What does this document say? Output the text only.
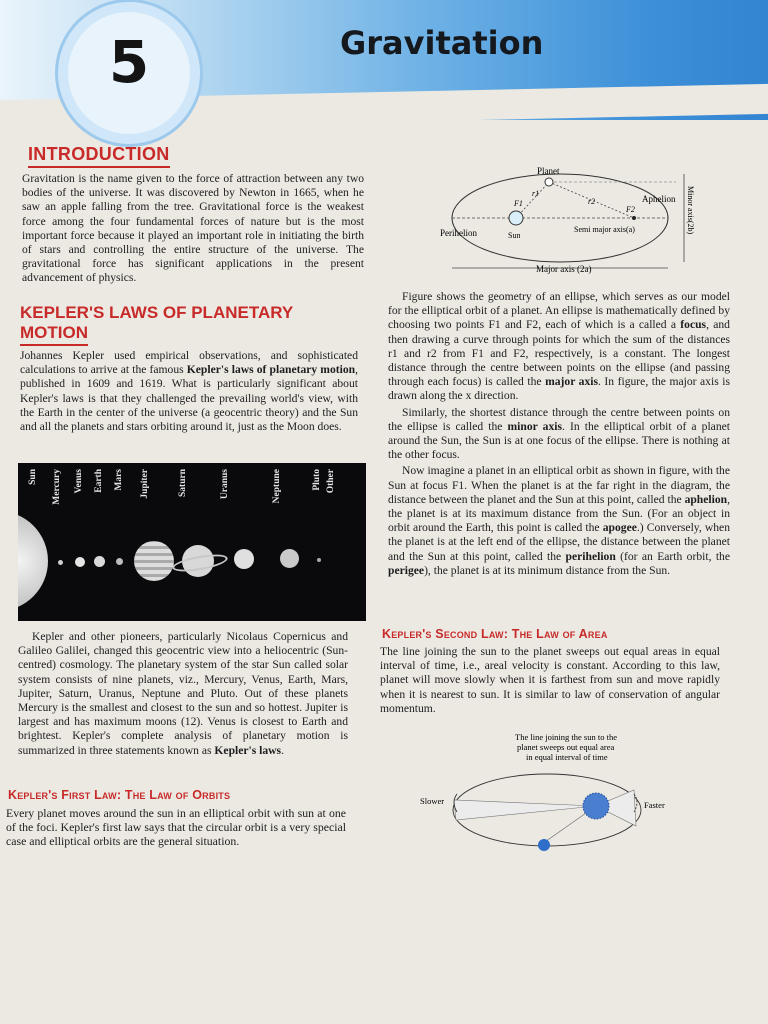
5	Gravitation
INTRODUCTION

Gravitation is the name given to the force of attraction between any two bodies of the universe. It was discovered by Newton in 1665, when he saw an apple falling from the tree. Gravitational force is the weakest force among the four fundamental forces of nature but is the most important force because it played an important role in initiating the birth of stars and controlling the entire structure of the universe. The gravitational force has significant applications in the present advancement of physics.

KEPLER'S LAWS OF PLANETARY
MOTION

Johannes Kepler used empirical observations, and sophisticated calculations to arrive at the famous Kepler's laws of planetary motion, published in 1609 and 1619. What is particularly significant about Kepler's laws is that they challenged the prevailing world's view, with the Earth in the center of the universe (a geocentric theory) and the Sun and all the planets and stars orbiting around it, just as the Moon does.

Sun Mercury Venus Earth Mars Jupiter	Saturn	Uranus	Neptune	Pluto Other

Kepler and other pioneers, particularly Nicolaus Copernicus and Galileo Galilei, changed this geocentric view into a heliocentric (Sun-centred) cosmology. The planetary system of the star Sun called solar system consists of nine planets, viz., Mercury, Venus, Earth, Mars, Jupiter, Saturn, Uranus, Neptune and Pluto. Out of these planets Mercury is the smallest and closest to the sun and so hottest. Jupiter is largest and has maximum moons (12). Venus is closest to Earth and brightest. Kepler's complete analysis of planetary motion is summarized in three statements known as Kepler's laws.

Kepler's First Law: The Law of Orbits

Every planet moves around the sun in an elliptical orbit with sun at one of the foci. Kepler's first law says that the circular orbit is a very special case and elliptical orbits are the general situation.

Planet
Aphelion
Perihelion	Sun
F1
F2
r1
r2
Semi major axis(a)
Major axis (2a)
Minor axis(2b)

Figure shows the geometry of an ellipse, which serves as our model for the elliptical orbit of a planet. An ellipse is mathematically defined by choosing two points F1 and F2, each of which is a called a focus, and then drawing a curve through points for which the sum of the distances r1 and r2 from F1 and F2, respectively, is a constant. The longest distance through the centre between points on the ellipse (and passing through each focus) is called the major axis. In figure, the major axis is drawn along the x direction.

Similarly, the shortest distance through the centre between points on the ellipse is called the minor axis. In the elliptical orbit of a planet around the Sun, the Sun is at one focus of the ellipse. There is nothing at the other focus.

Now imagine a planet in an elliptical orbit as shown in figure, with the Sun at focus F1. When the planet is at the far right in the diagram, the distance between the planet and the Sun at this point, called the aphelion, the planet is at its maximum distance from the Sun. (For an object in orbit around the Earth, this point is called the apogee.) Conversely, when the planet is at the left end of the ellipse, the distance between the planet and the Sun at this point, called the perihelion (for an Earth orbit, the perigee), the planet is at its minimum distance from the Sun.

Kepler's Second Law: The Law of Area

The line joining the sun to the planet sweeps out equal areas in equal interval of time, i.e., areal velocity is constant. According to this law, planet will move slowly when it is farthest from sun and move rapidly when it is nearest to sun. It is similar to law of conservation of angular momentum.

The line joining the sun to the
planet sweeps out equal area
in equal interval of time
Slower	Faster
